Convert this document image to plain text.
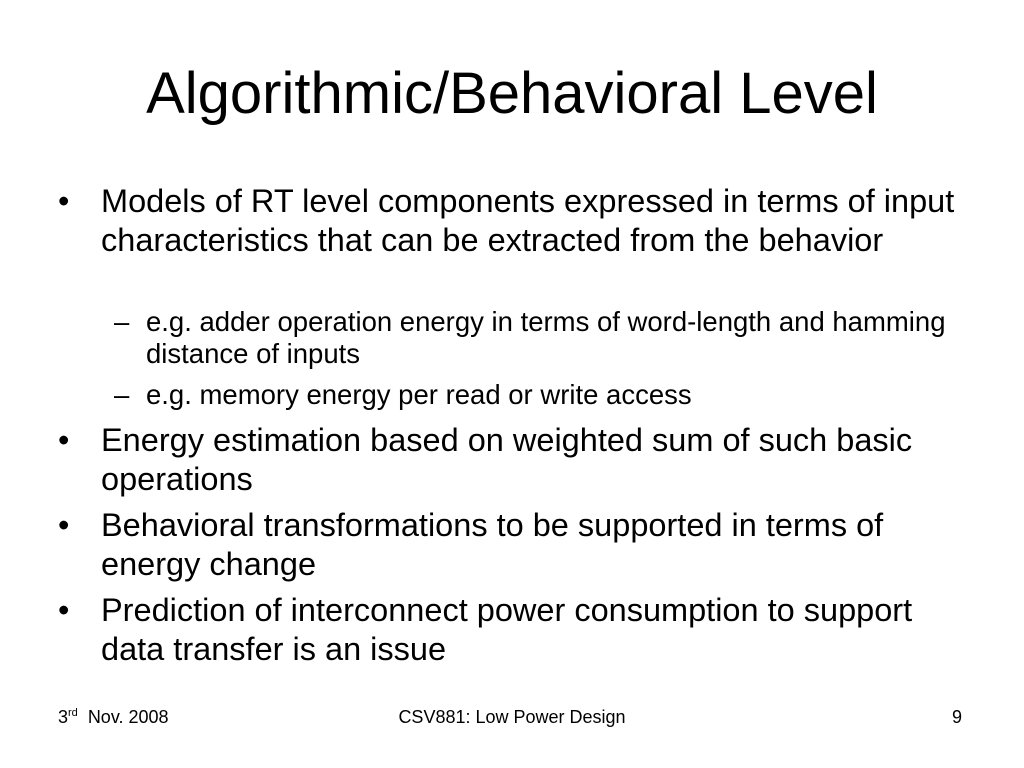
Algorithmic/Behavioral Level
• Models of RT level components expressed in terms of input characteristics that can be extracted from the behavior
– e.g. adder operation energy in terms of word-length and hamming distance of inputs
– e.g. memory energy per read or write access
• Energy estimation based on weighted sum of such basic operations
• Behavioral transformations to be supported in terms of energy change
• Prediction of interconnect power consumption to support data transfer is an issue
3rd Nov. 2008	CSV881: Low Power Design	9
